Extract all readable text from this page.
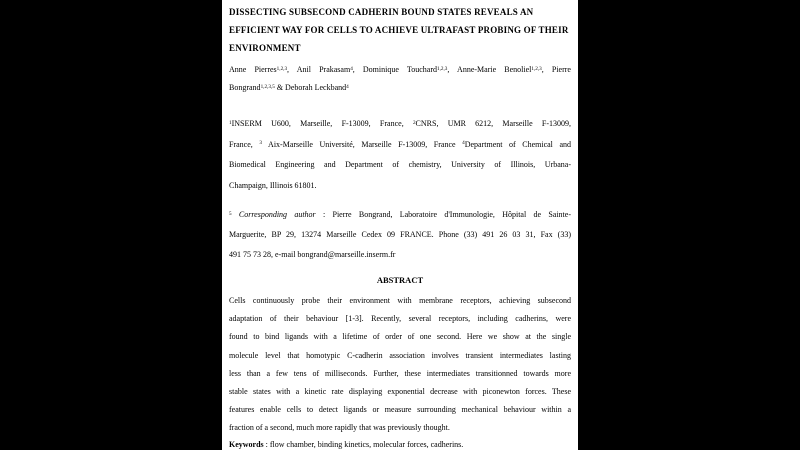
DISSECTING SUBSECOND CADHERIN BOUND STATES REVEALS AN
EFFICIENT WAY FOR CELLS TO ACHIEVE ULTRAFAST PROBING OF THEIR
ENVIRONMENT
Anne Pierres$^{1,2,3}$, Anil Prakasam$^4$, Dominique Touchard$^{1,2,3}$, Anne-Marie Benoliel$^{1,2,3}$, Pierre
Bongrand$^{1,2,3,5}$ & Deborah Leckband$^4$
$^1$INSERM U600, Marseille, F-13009, France, $^2$CNRS, UMR 6212, Marseille F-13009,
France, $^3$ Aix-Marseille Université, Marseille F-13009, France $^4$Department of Chemical and
Biomedical Engineering and Department of chemistry, University of Illinois, Urbana-
Champaign, Illinois 61801.
$^5$ Corresponding author : Pierre Bongrand, Laboratoire d'Immunologie, Hôpital de Sainte-
Marguerite, BP 29, 13274 Marseille Cedex 09 FRANCE. Phone (33) 491 26 03 31, Fax (33)
491 75 73 28, e-mail bongrand@marseille.inserm.fr
ABSTRACT
Cells continuously probe their environment with membrane receptors, achieving subsecond
adaptation of their behaviour [1-3]. Recently, several receptors, including cadherins, were
found to bind ligands with a lifetime of order of one second. Here we show at the single
molecule level that homotypic C-cadherin association involves transient intermediates lasting
less than a few tens of milliseconds. Further, these intermediates transitionned towards more
stable states with a kinetic rate displaying exponential decrease with piconewton forces. These
features enable cells to detect ligands or measure surrounding mechanical behaviour within a
fraction of a second, much more rapidly that was previously thought.
Keywords : flow chamber, binding kinetics, molecular forces, cadherins.
